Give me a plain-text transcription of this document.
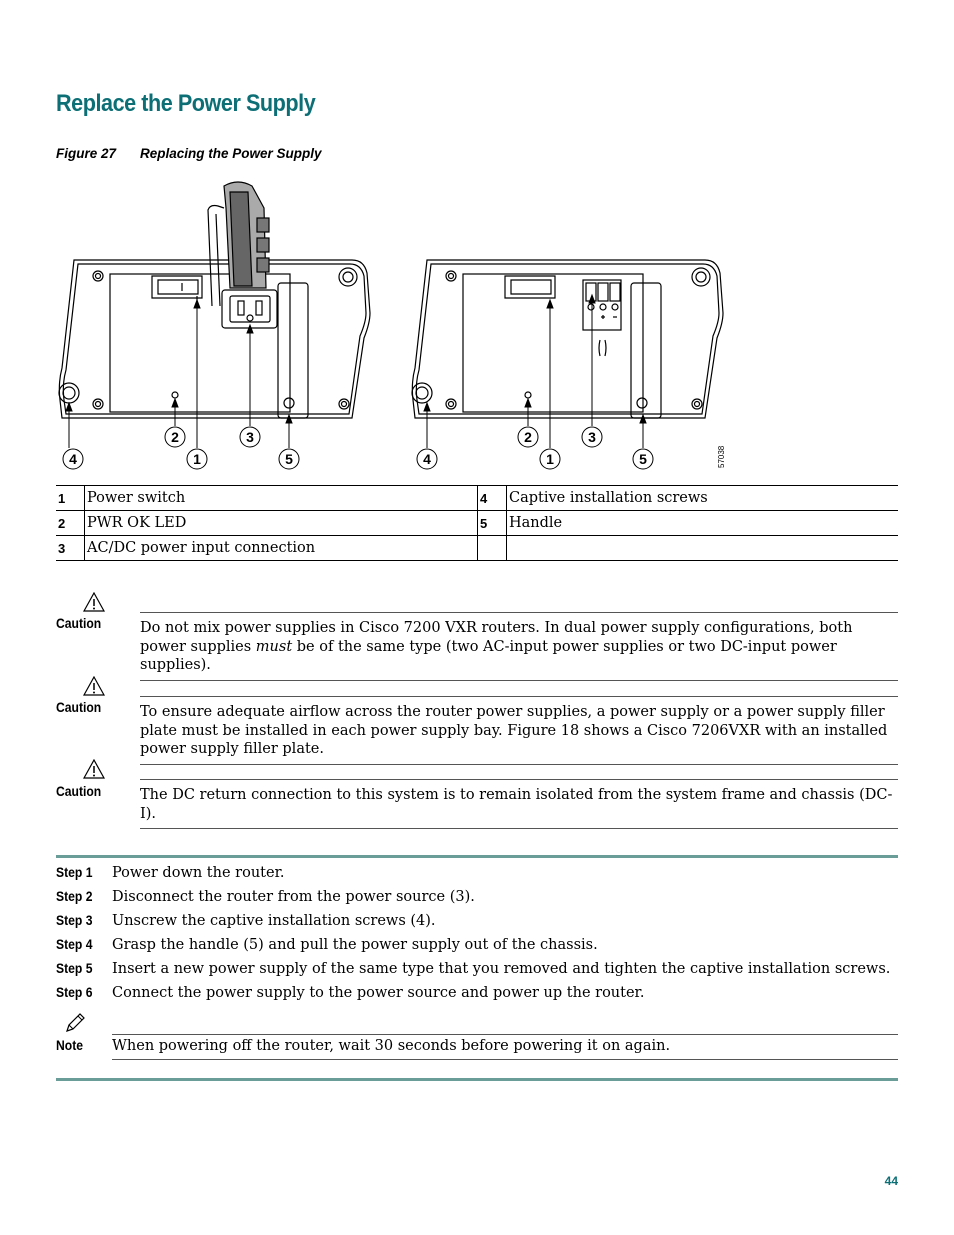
Replace the Power Supply
Figure 27 Replacing the Power Supply
2	3
4	1	5
2	3
4	1	5	57038
1	Power switch	4	Captive installation screws
2	PWR OK LED	5	Handle
3	AC/DC power input connection		
Caution	Do not mix power supplies in Cisco 7200 VXR routers. In dual power supply configurations, both power supplies must be of the same type (two AC-input power supplies or two DC-input power supplies).
Caution	To ensure adequate airflow across the router power supplies, a power supply or a power supply filler plate must be installed in each power supply bay. Figure 18 shows a Cisco 7206VXR with an installed power supply filler plate.
Caution	The DC return connection to this system is to remain isolated from the system frame and chassis (DC-I).
Step 1 Power down the router.
Step 2 Disconnect the router from the power source (3).
Step 3 Unscrew the captive installation screws (4).
Step 4 Grasp the handle (5) and pull the power supply out of the chassis.
Step 5 Insert a new power supply of the same type that you removed and tighten the captive installation screws.
Step 6 Connect the power supply to the power source and power up the router.
Note When powering off the router, wait 30 seconds before powering it on again.
44
